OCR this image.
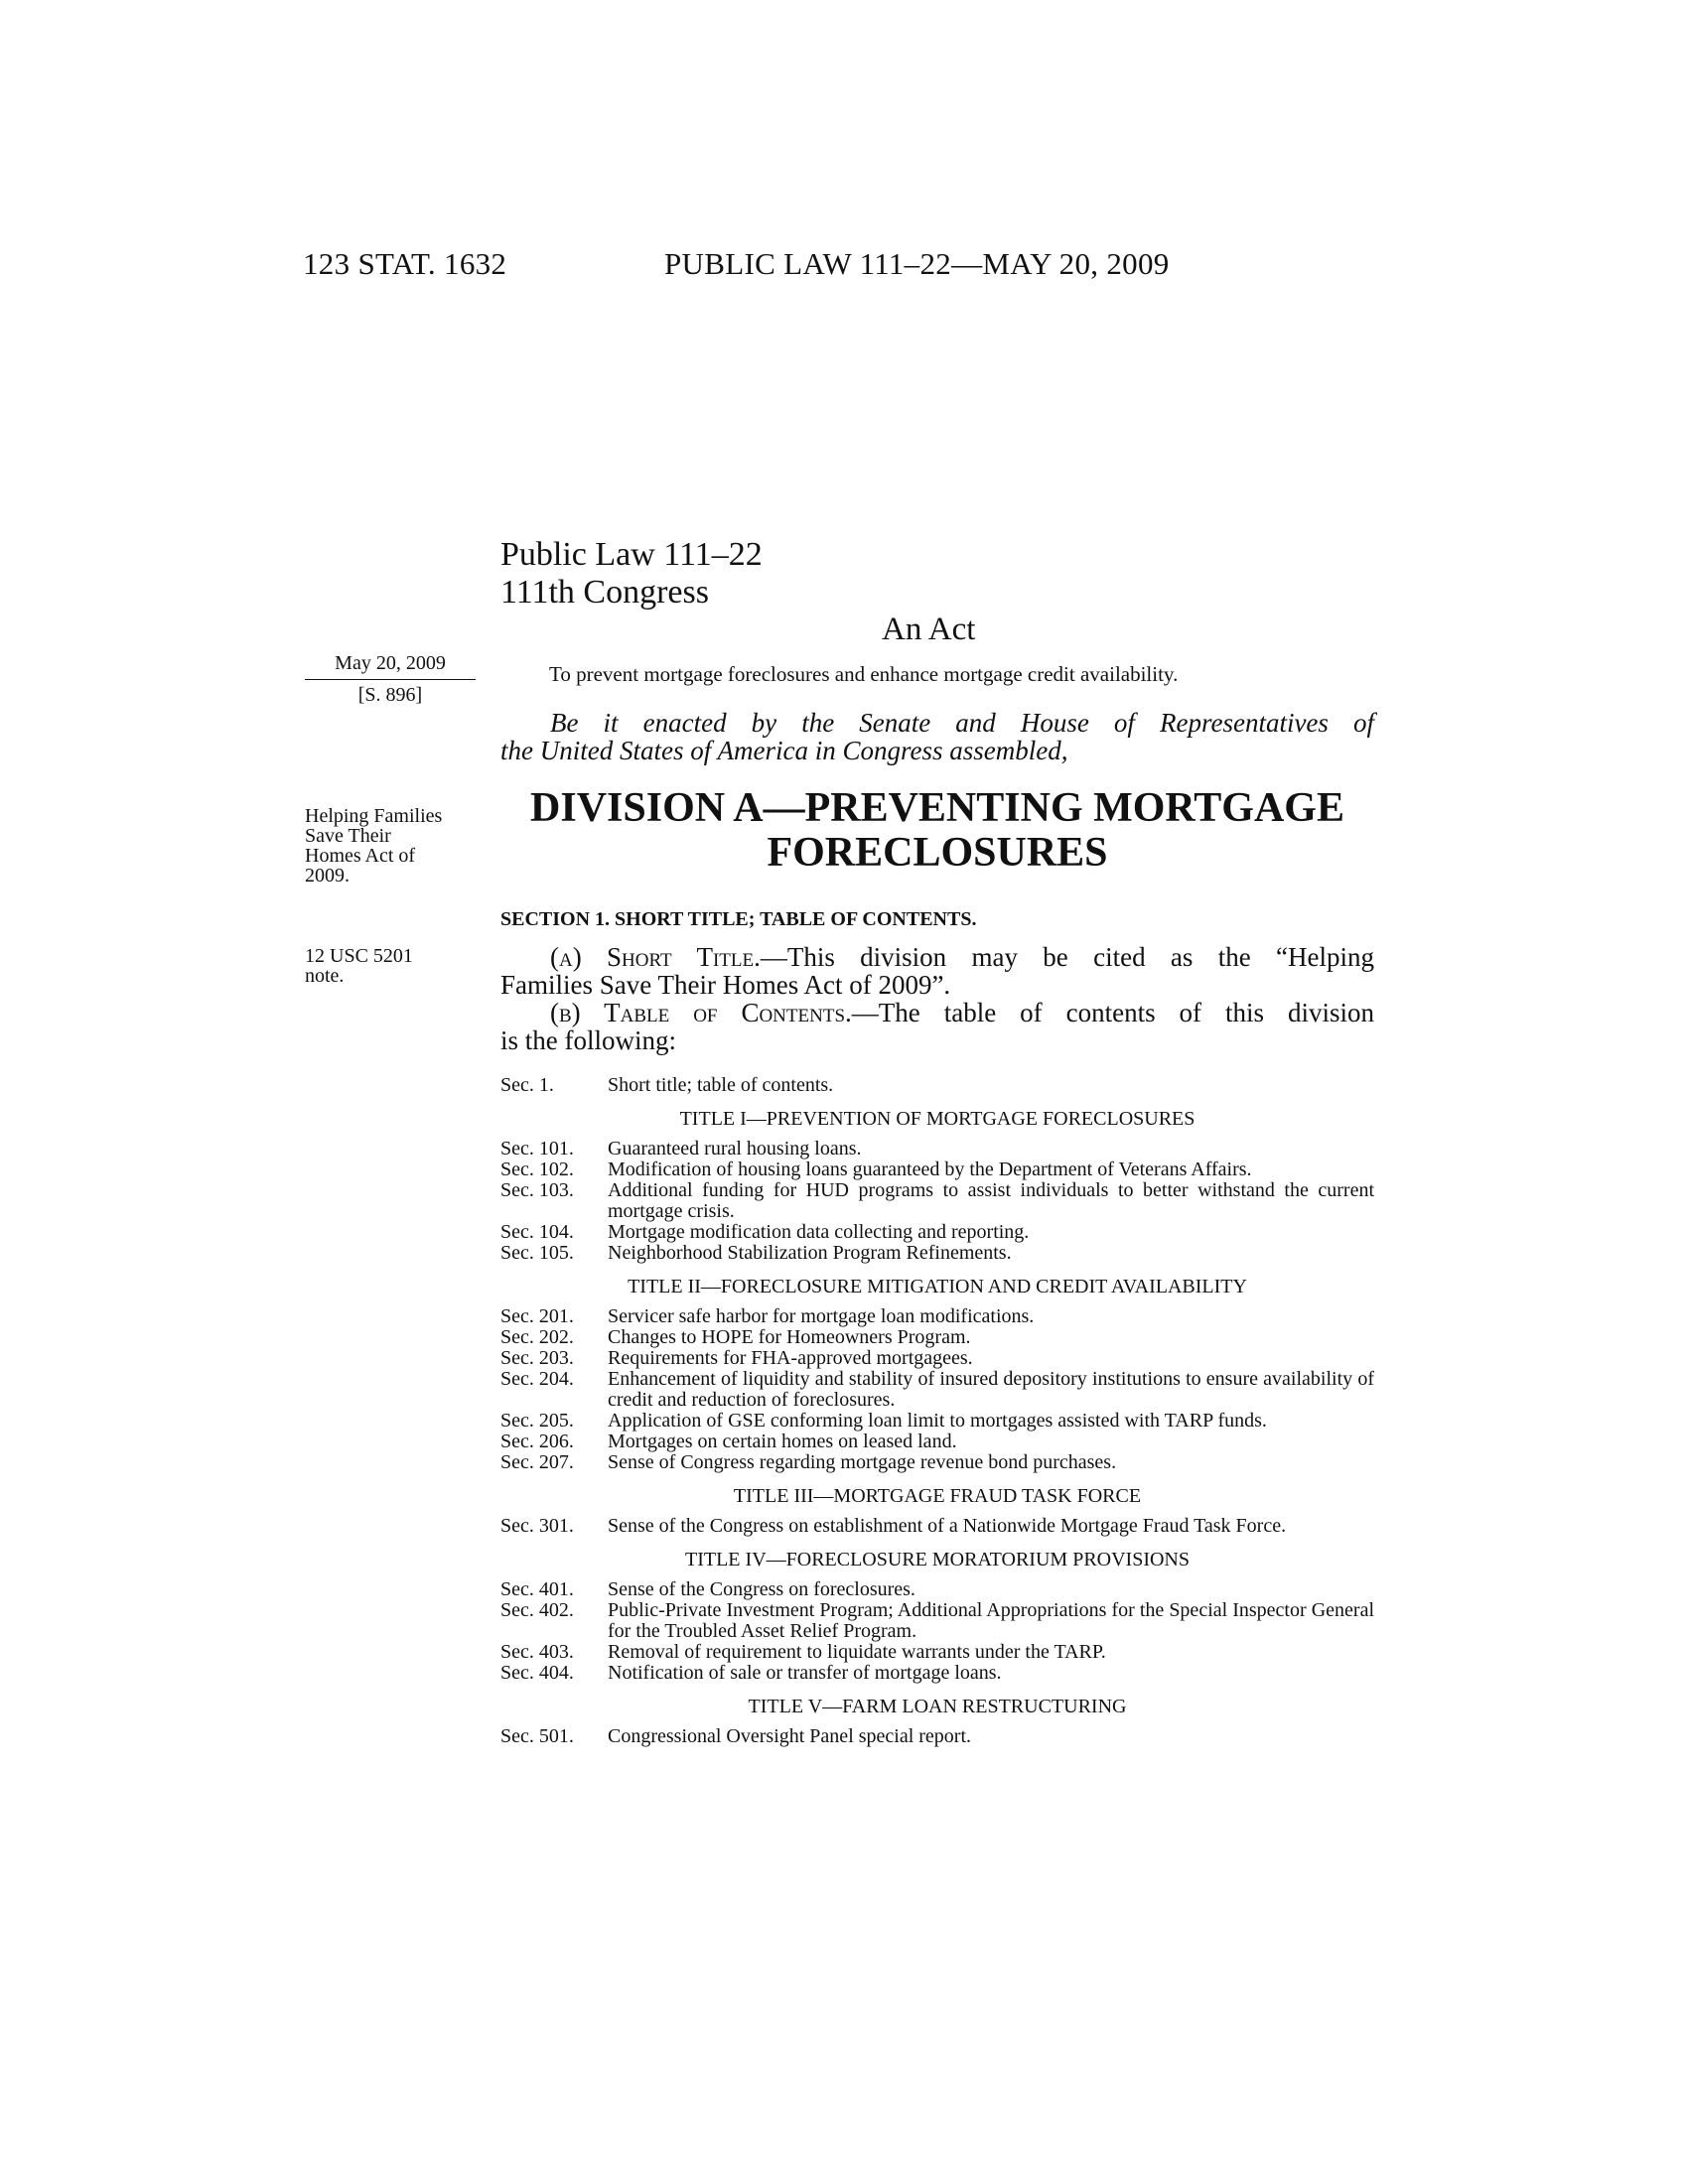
123 STAT. 1632	PUBLIC LAW 111–22—MAY 20, 2009
Public Law 111–22
111th Congress
An Act
May 20, 2009
[S. 896]
To prevent mortgage foreclosures and enhance mortgage credit availability.
Be it enacted by the Senate and House of Representatives of
the United States of America in Congress assembled,
Helping Families
Save Their
Homes Act of
2009.
DIVISION A—PREVENTING MORTGAGE
FORECLOSURES
SECTION 1. SHORT TITLE; TABLE OF CONTENTS.
12 USC 5201
note.
(a) Short Title.—This division may be cited as the “Helping
Families Save Their Homes Act of 2009”.
(b) Table of Contents.—The table of contents of this division
is the following:
Sec. 1.	Short title; table of contents.
TITLE I—PREVENTION OF MORTGAGE FORECLOSURES
Sec. 101.	Guaranteed rural housing loans.
Sec. 102.	Modification of housing loans guaranteed by the Department of Veterans Affairs.
Sec. 103.	Additional funding for HUD programs to assist individuals to better withstand the current mortgage crisis.
Sec. 104.	Mortgage modification data collecting and reporting.
Sec. 105.	Neighborhood Stabilization Program Refinements.
TITLE II—FORECLOSURE MITIGATION AND CREDIT AVAILABILITY
Sec. 201.	Servicer safe harbor for mortgage loan modifications.
Sec. 202.	Changes to HOPE for Homeowners Program.
Sec. 203.	Requirements for FHA-approved mortgagees.
Sec. 204.	Enhancement of liquidity and stability of insured depository institutions to ensure availability of credit and reduction of foreclosures.
Sec. 205.	Application of GSE conforming loan limit to mortgages assisted with TARP funds.
Sec. 206.	Mortgages on certain homes on leased land.
Sec. 207.	Sense of Congress regarding mortgage revenue bond purchases.
TITLE III—MORTGAGE FRAUD TASK FORCE
Sec. 301.	Sense of the Congress on establishment of a Nationwide Mortgage Fraud Task Force.
TITLE IV—FORECLOSURE MORATORIUM PROVISIONS
Sec. 401.	Sense of the Congress on foreclosures.
Sec. 402.	Public-Private Investment Program; Additional Appropriations for the Special Inspector General for the Troubled Asset Relief Program.
Sec. 403.	Removal of requirement to liquidate warrants under the TARP.
Sec. 404.	Notification of sale or transfer of mortgage loans.
TITLE V—FARM LOAN RESTRUCTURING
Sec. 501.	Congressional Oversight Panel special report.
